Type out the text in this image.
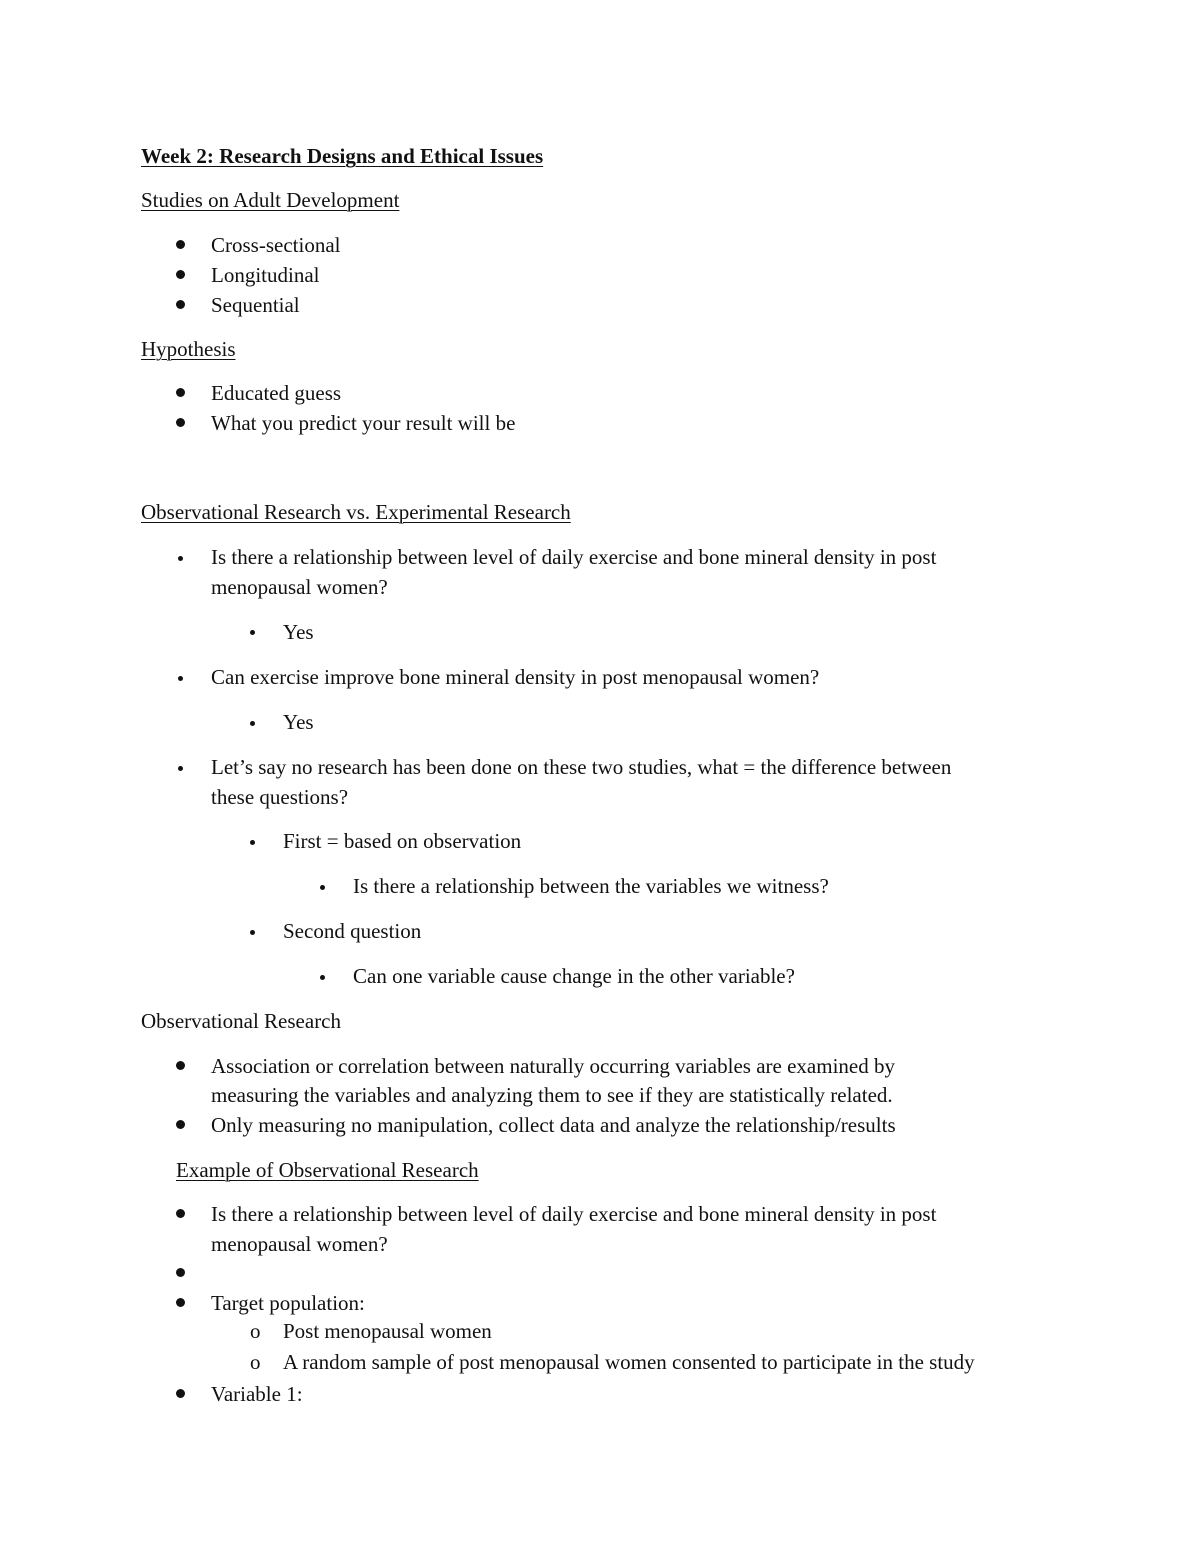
Week 2: Research Designs and Ethical Issues
Studies on Adult Development
Cross-sectional
Longitudinal
Sequential
Hypothesis
Educated guess
What you predict your result will be
Observational Research vs. Experimental Research
Is there a relationship between level of daily exercise and bone mineral density in post
menopausal women?
Yes
Can exercise improve bone mineral density in post menopausal women?
Yes
Let’s say no research has been done on these two studies, what = the difference between
these questions?
First = based on observation
Is there a relationship between the variables we witness?
Second question
Can one variable cause change in the other variable?
Observational Research
Association or correlation between naturally occurring variables are examined by
measuring the variables and analyzing them to see if they are statistically related.
Only measuring no manipulation, collect data and analyze the relationship/results
Example of Observational Research
Is there a relationship between level of daily exercise and bone mineral density in post
menopausal women?
Target population:
o Post menopausal women
o A random sample of post menopausal women consented to participate in the study
Variable 1:
